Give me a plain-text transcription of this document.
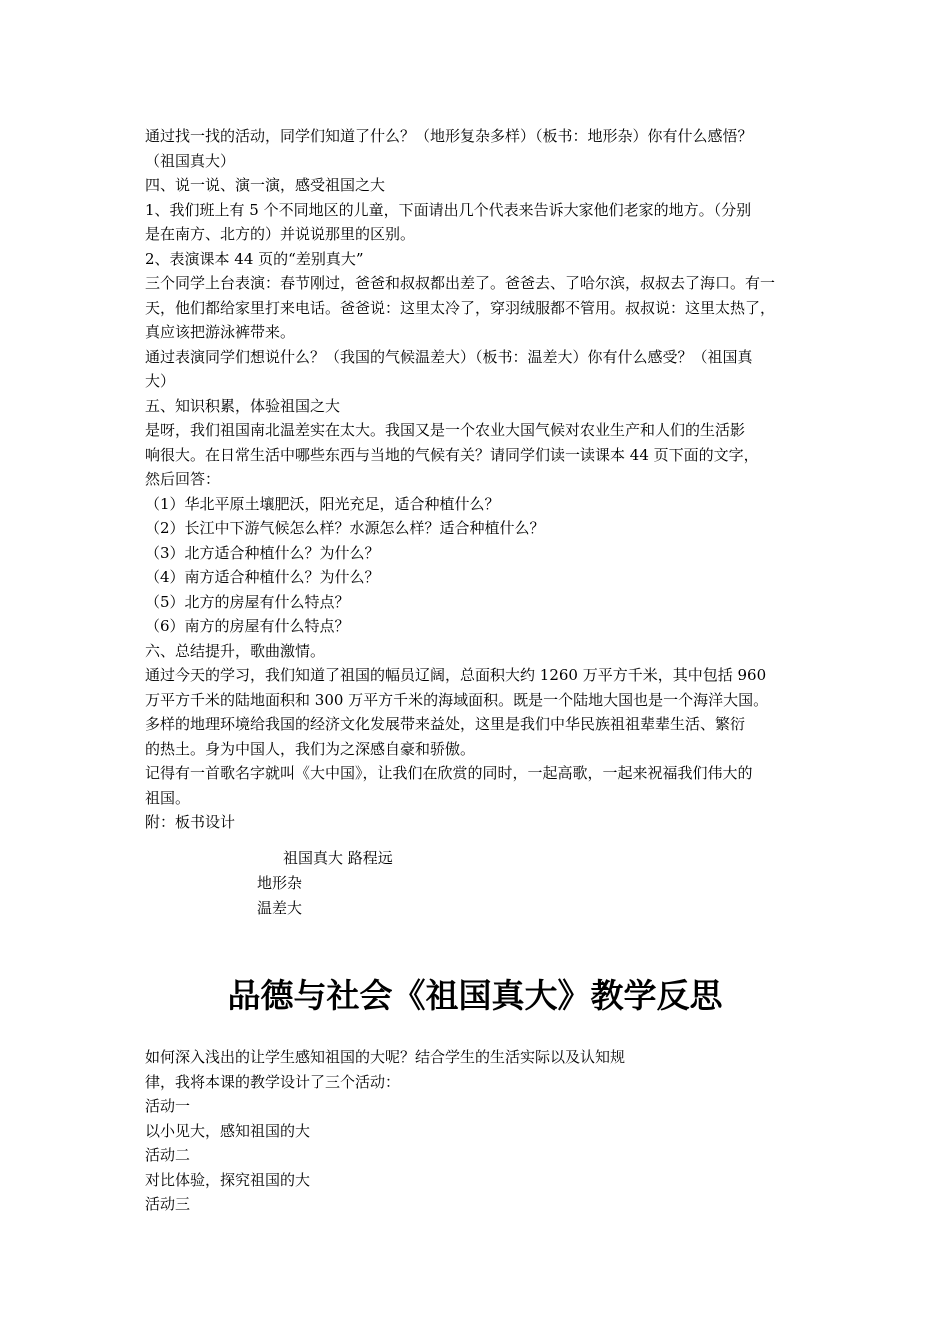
通过找一找的活动，同学们知道了什么？（地形复杂多样）（板书：地形杂）你有什么感悟？
（祖国真大）
四、说一说、演一演，感受祖国之大
1、我们班上有 5 个不同地区的儿童，下面请出几个代表来告诉大家他们老家的地方。（分别
是在南方、北方的）并说说那里的区别。
2、表演课本 44 页的“差别真大”
三个同学上台表演：春节刚过，爸爸和叔叔都出差了。爸爸去、了哈尔滨，叔叔去了海口。有一
天，他们都给家里打来电话。爸爸说：这里太冷了，穿羽绒服都不管用。叔叔说：这里太热了，
真应该把游泳裤带来。
通过表演同学们想说什么？（我国的气候温差大）（板书：温差大）你有什么感受？（祖国真
大）
五、知识积累，体验祖国之大
是呀，我们祖国南北温差实在太大。我国又是一个农业大国气候对农业生产和人们的生活影
响很大。在日常生活中哪些东西与当地的气候有关？请同学们读一读课本 44 页下面的文字，
然后回答：
（1）华北平原土壤肥沃，阳光充足，适合种植什么？
（2）长江中下游气候怎么样？水源怎么样？适合种植什么？
（3）北方适合种植什么？为什么？
（4）南方适合种植什么？为什么？
（5）北方的房屋有什么特点？
（6）南方的房屋有什么特点？
六、总结提升，歌曲激情。
通过今天的学习，我们知道了祖国的幅员辽阔，总面积大约 1260 万平方千米，其中包括 960
万平方千米的陆地面积和 300 万平方千米的海域面积。既是一个陆地大国也是一个海洋大国。
多样的地理环境给我国的经济文化发展带来益处，这里是我们中华民族祖祖辈辈生活、繁衍
的热土。身为中国人，我们为之深感自豪和骄傲。
记得有一首歌名字就叫《大中国》，让我们在欣赏的同时，一起高歌，一起来祝福我们伟大的
祖国。
附：板书设计
祖国真大 路程远
地形杂
温差大
品德与社会《祖国真大》教学反思
如何深入浅出的让学生感知祖国的大呢？结合学生的生活实际以及认知规
律，我将本课的教学设计了三个活动：
活动一
以小见大，感知祖国的大
活动二
对比体验，探究祖国的大
活动三
